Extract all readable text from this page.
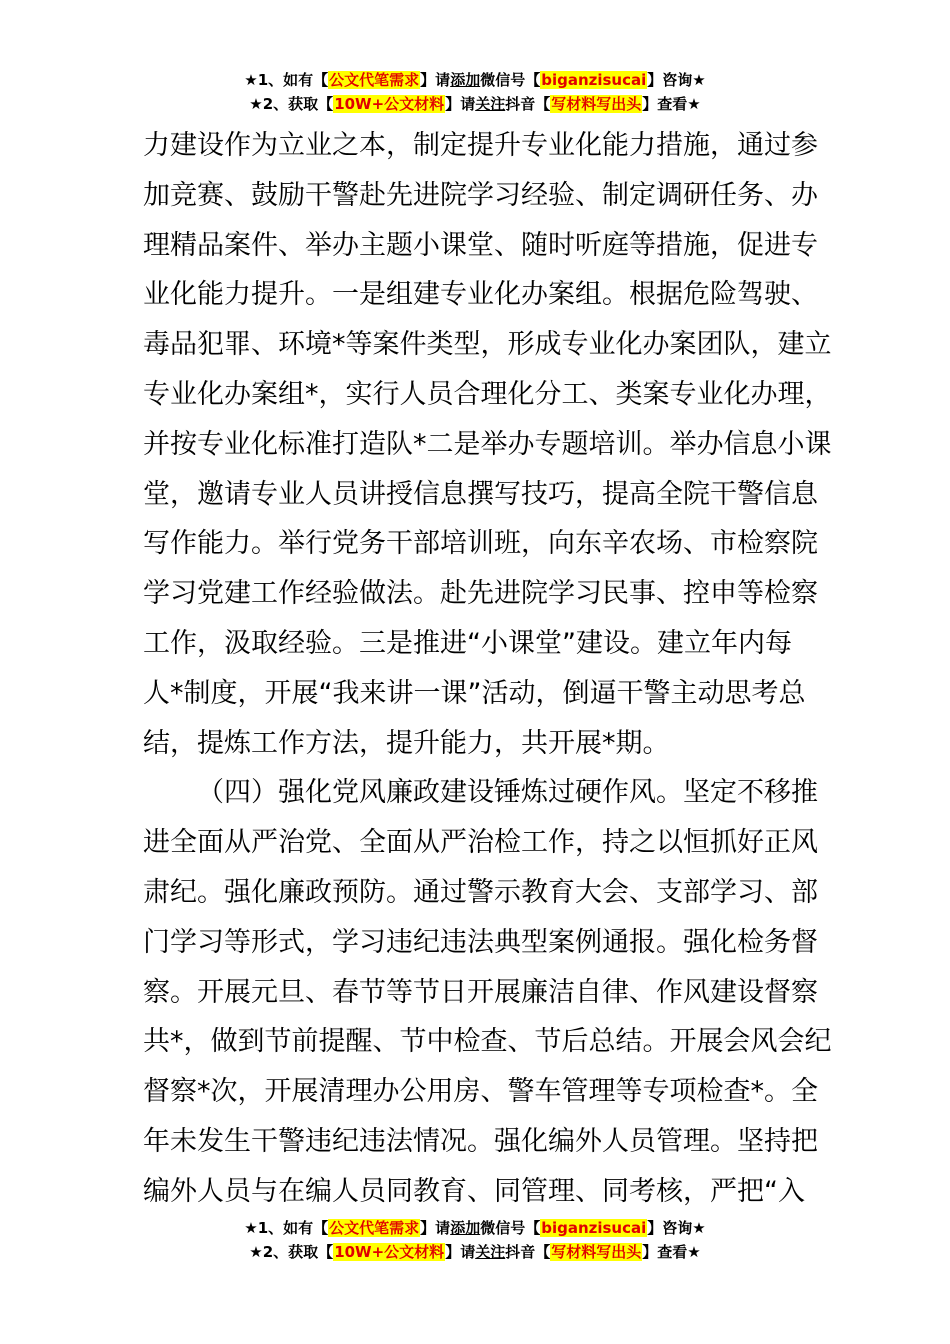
★1、如有【公文代笔需求】请添加微信号【biganzisucai】咨询★
★2、获取【10W+公文材料】请关注抖音【写材料写出头】查看★
力建设作为立业之本，制定提升专业化能力措施，通过参
加竞赛、鼓励干警赴先进院学习经验、制定调研任务、办
理精品案件、举办主题小课堂、随时听庭等措施，促进专
业化能力提升。一是组建专业化办案组。根据危险驾驶、
毒品犯罪、环境*等案件类型，形成专业化办案团队，建立
专业化办案组*，实行人员合理化分工、类案专业化办理，
并按专业化标准打造队*二是举办专题培训。举办信息小课
堂，邀请专业人员讲授信息撰写技巧，提高全院干警信息
写作能力。举行党务干部培训班，向东辛农场、市检察院
学习党建工作经验做法。赴先进院学习民事、控申等检察
工作，汲取经验。三是推进“小课堂”建设。建立年内每
人*制度，开展“我来讲一课”活动，倒逼干警主动思考总
结，提炼工作方法，提升能力，共开展*期。
（四）强化党风廉政建设锤炼过硬作风。坚定不移推
进全面从严治党、全面从严治检工作，持之以恒抓好正风
肃纪。强化廉政预防。通过警示教育大会、支部学习、部
门学习等形式，学习违纪违法典型案例通报。强化检务督
察。开展元旦、春节等节日开展廉洁自律、作风建设督察
共*，做到节前提醒、节中检查、节后总结。开展会风会纪
督察*次，开展清理办公用房、警车管理等专项检查*。全
年未发生干警违纪违法情况。强化编外人员管理。坚持把
编外人员与在编人员同教育、同管理、同考核，严把“入
★1、如有【公文代笔需求】请添加微信号【biganzisucai】咨询★
★2、获取【10W+公文材料】请关注抖音【写材料写出头】查看★
